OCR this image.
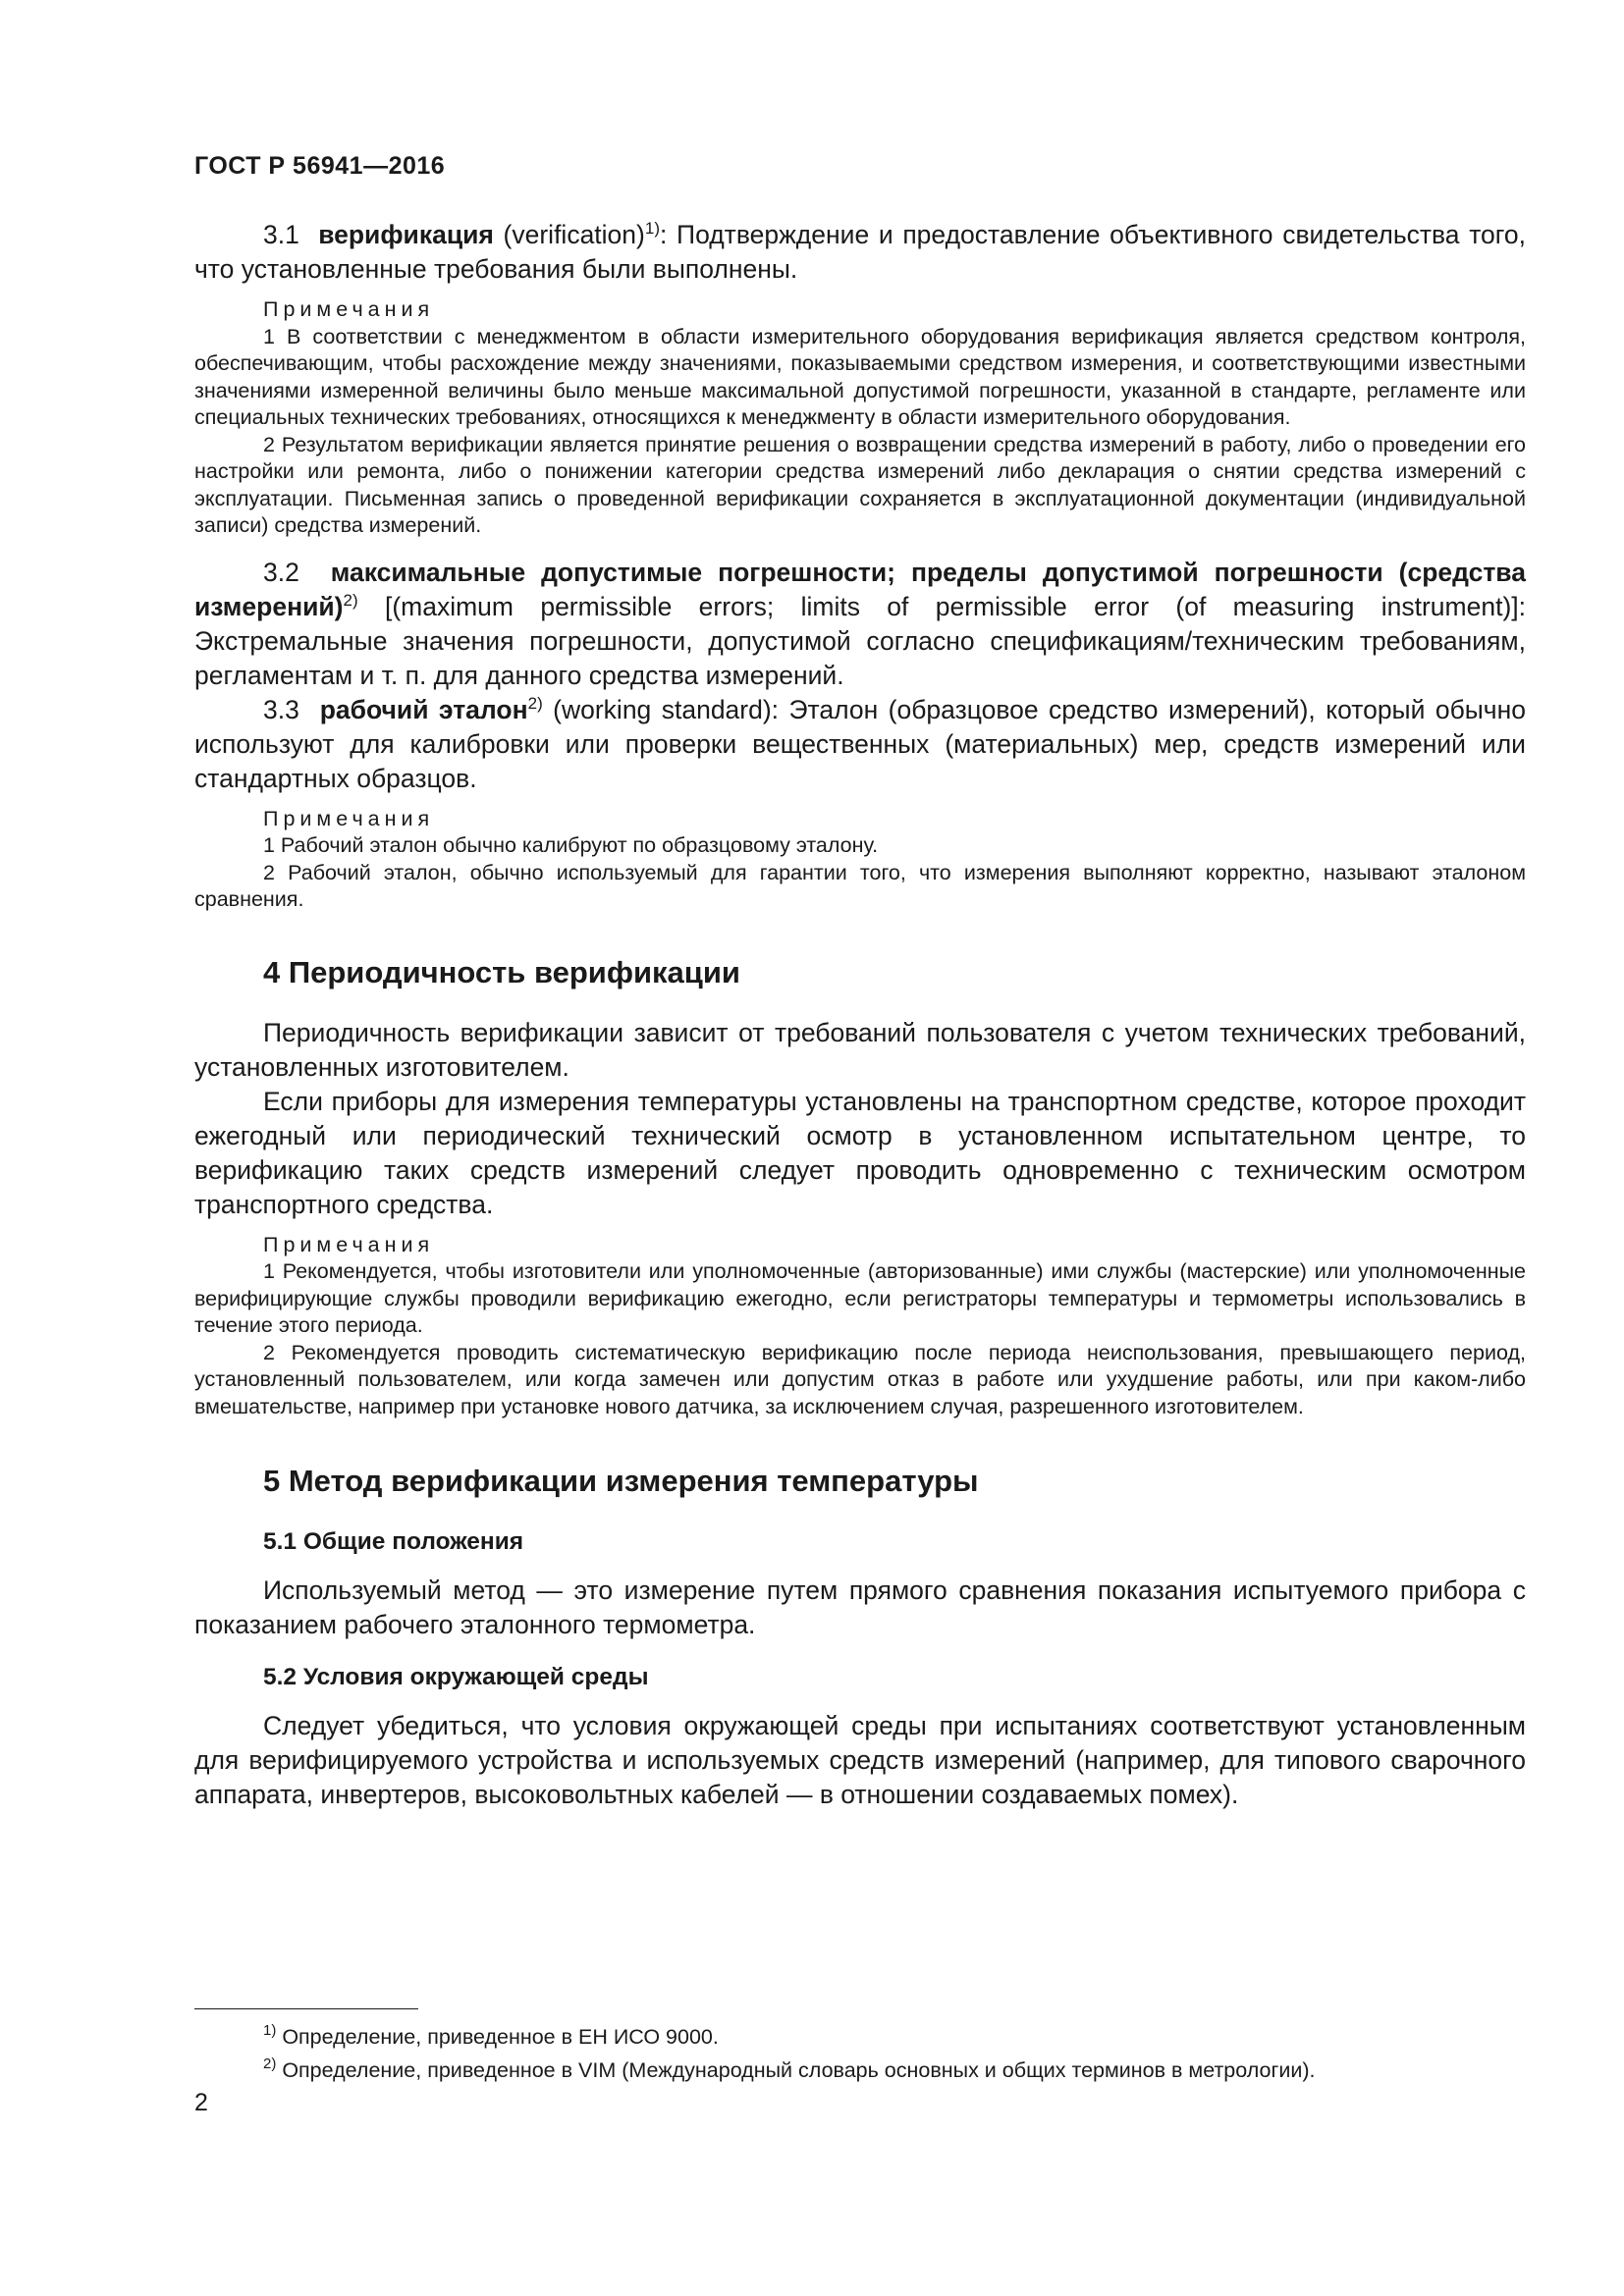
ГОСТ Р 56941—2016

3.1 верификация (verification)$^{1)}$: Подтверждение и предоставление объективного свидетельства того, что установленные требования были выполнены.

Примечания

1 В соответствии с менеджментом в области измерительного оборудования верификация является средством контроля, обеспечивающим, чтобы расхождение между значениями, показываемыми средством измерения, и соответствующими известными значениями измеренной величины было меньше максимальной допустимой погрешности, указанной в стандарте, регламенте или специальных технических требованиях, относящихся к менеджменту в области измерительного оборудования.

2 Результатом верификации является принятие решения о возвращении средства измерений в работу, либо о проведении его настройки или ремонта, либо о понижении категории средства измерений либо декларация о снятии средства измерений с эксплуатации. Письменная запись о проведенной верификации сохраняется в эксплуатационной документации (индивидуальной записи) средства измерений.

3.2 максимальные допустимые погрешности; пределы допустимой погрешности (средства измерений)$^{2)}$ [(maximum permissible errors; limits of permissible error (of measuring instrument)]: Экстремальные значения погрешности, допустимой согласно спецификациям/техническим требованиям, регламентам и т. п. для данного средства измерений.

3.3 рабочий эталон$^{2)}$ (working standard): Эталон (образцовое средство измерений), который обычно используют для калибровки или проверки вещественных (материальных) мер, средств измерений или стандартных образцов.

Примечания

1 Рабочий эталон обычно калибруют по образцовому эталону.

2 Рабочий эталон, обычно используемый для гарантии того, что измерения выполняют корректно, называют эталоном сравнения.

4 Периодичность верификации

Периодичность верификации зависит от требований пользователя с учетом технических требований, установленных изготовителем.

Если приборы для измерения температуры установлены на транспортном средстве, которое проходит ежегодный или периодический технический осмотр в установленном испытательном центре, то верификацию таких средств измерений следует проводить одновременно с техническим осмотром транспортного средства.

Примечания

1 Рекомендуется, чтобы изготовители или уполномоченные (авторизованные) ими службы (мастерские) или уполномоченные верифицирующие службы проводили верификацию ежегодно, если регистраторы температуры и термометры использовались в течение этого периода.

2 Рекомендуется проводить систематическую верификацию после периода неиспользования, превышающего период, установленный пользователем, или когда замечен или допустим отказ в работе или ухудшение работы, или при каком-либо вмешательстве, например при установке нового датчика, за исключением случая, разрешенного изготовителем.

5 Метод верификации измерения температуры
5.1 Общие положения

Используемый метод — это измерение путем прямого сравнения показания испытуемого прибора с показанием рабочего эталонного термометра.

5.2 Условия окружающей среды

Следует убедиться, что условия окружающей среды при испытаниях соответствуют установленным для верифицируемого устройства и используемых средств измерений (например, для типового сварочного аппарата, инвертеров, высоковольтных кабелей — в отношении создаваемых помех).

$^{1)}$ Определение, приведенное в ЕН ИСО 9000.

$^{2)}$ Определение, приведенное в VIM (Международный словарь основных и общих терминов в метрологии).

2
